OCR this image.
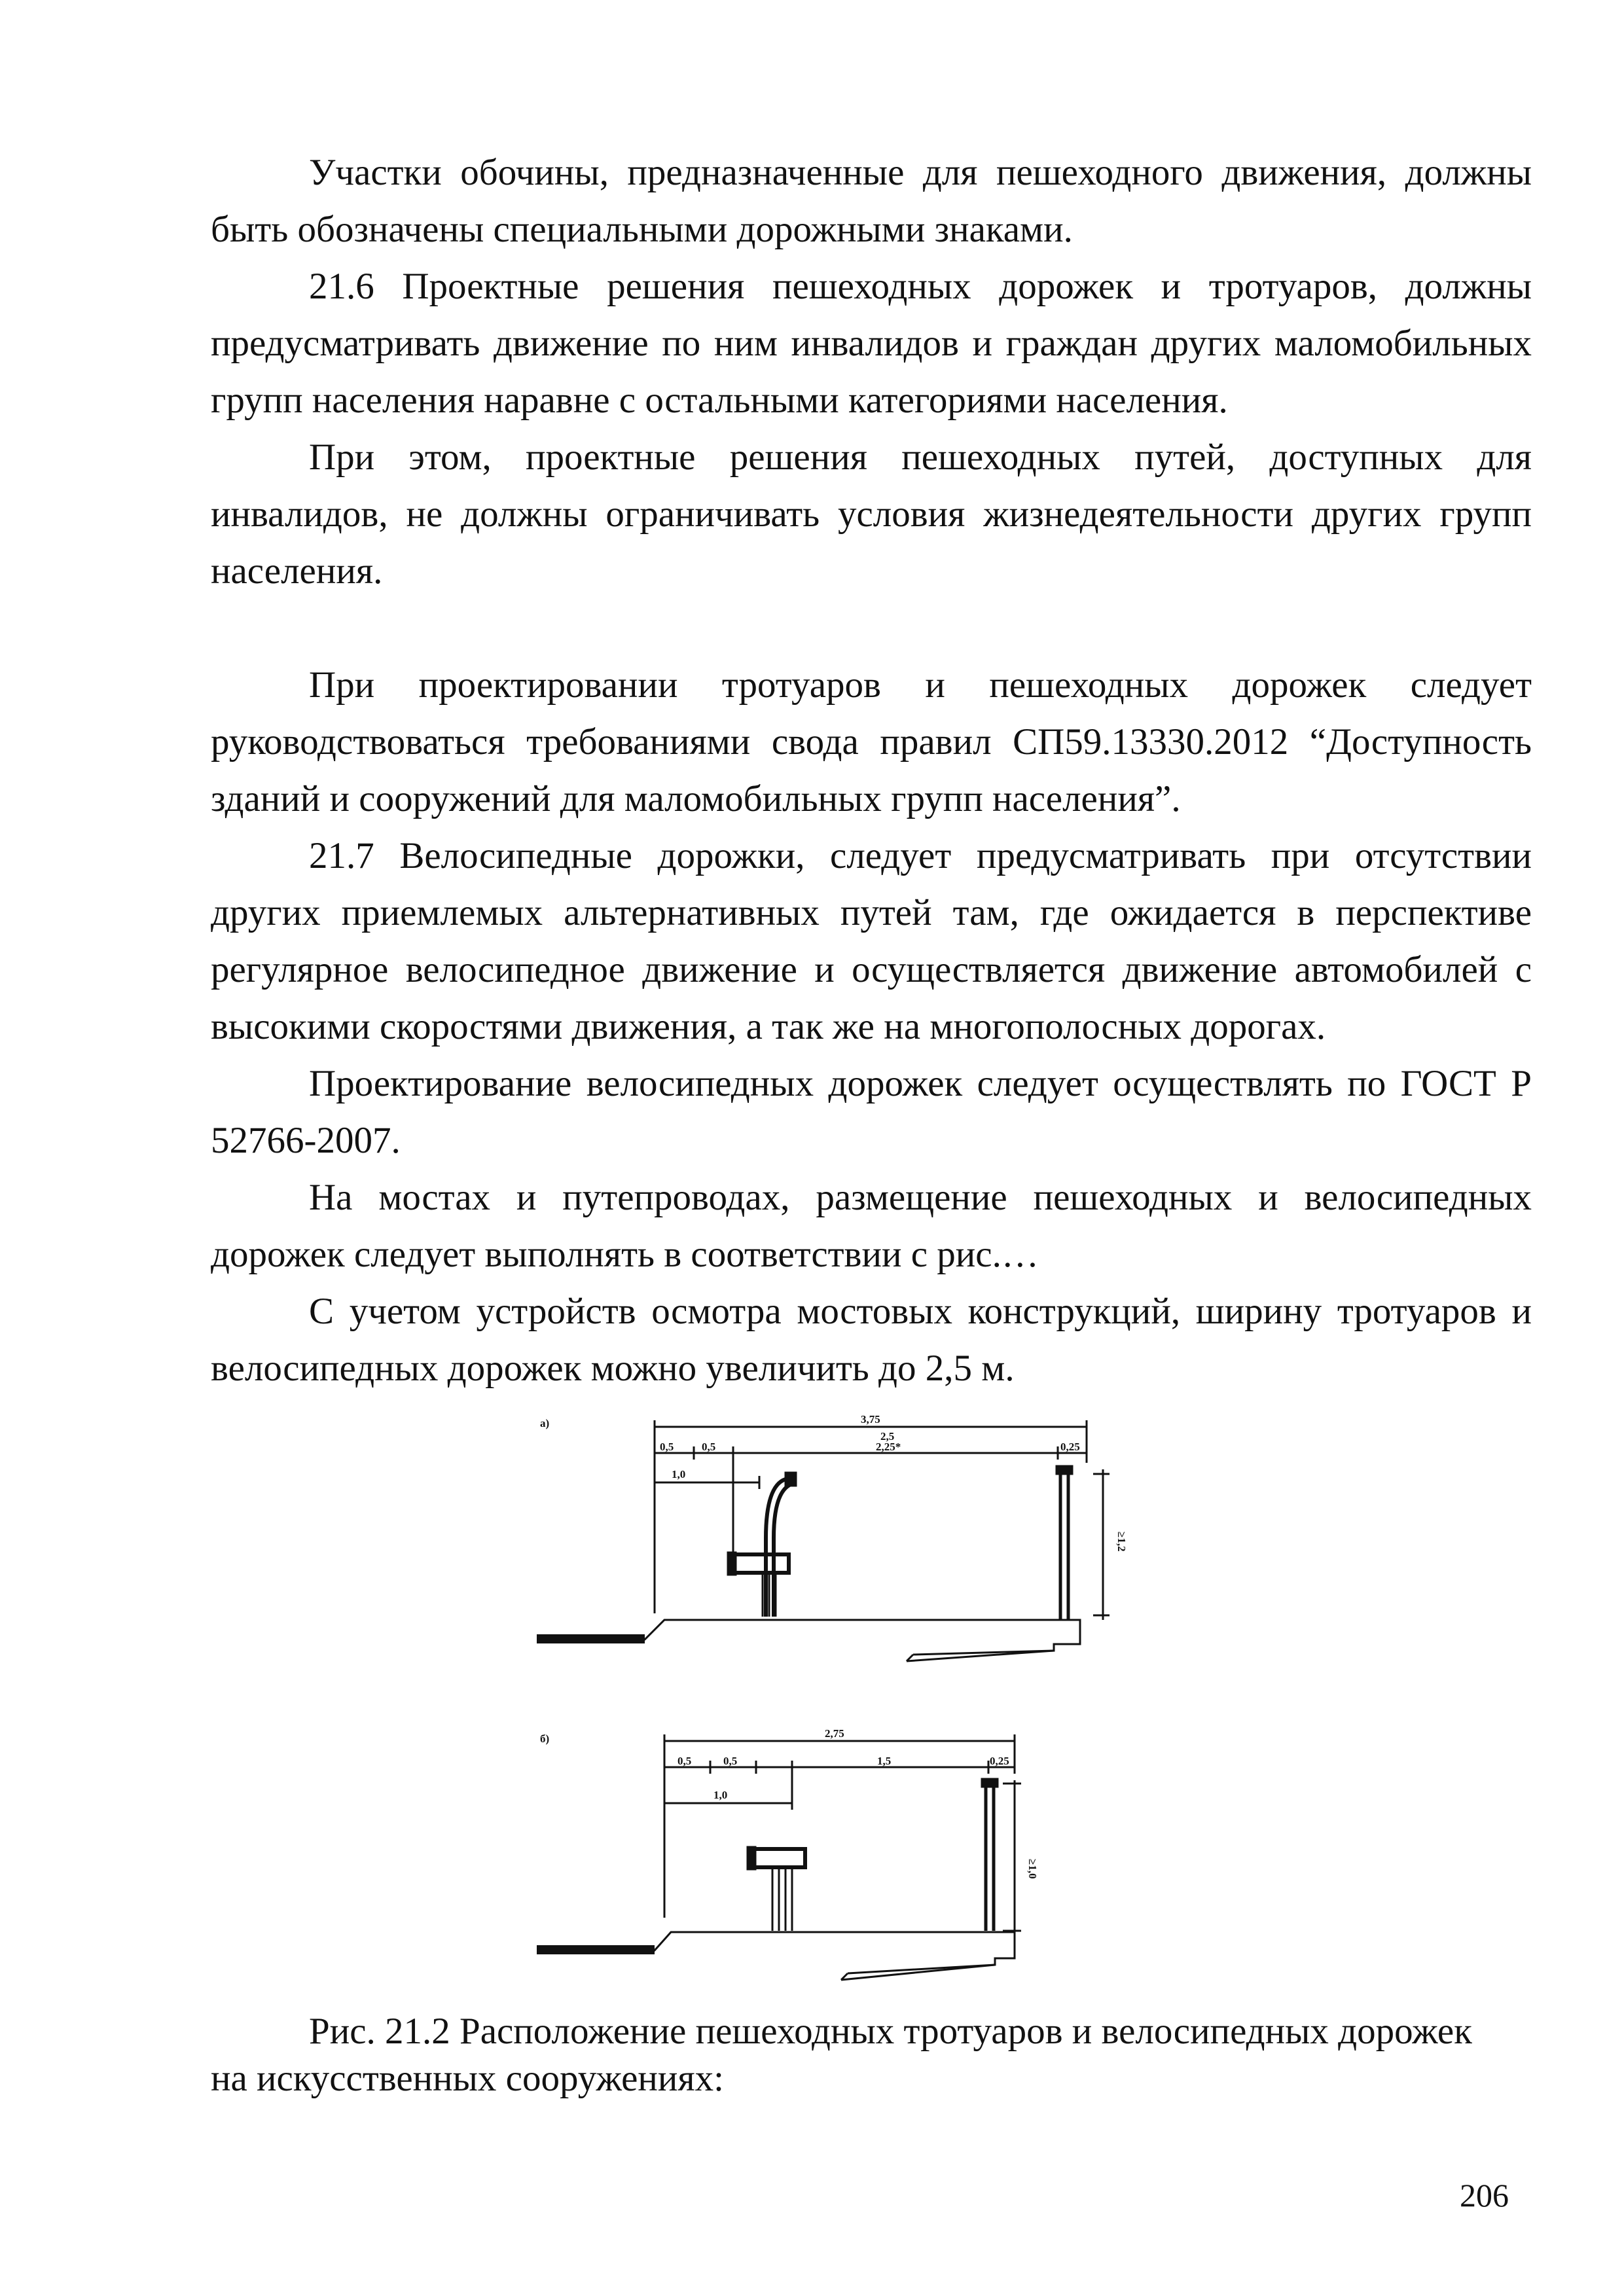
Участки обочины, предназначенные для пешеходного движения, должны быть обозначены специальными дорожными знаками.

21.6 Проектные решения пешеходных дорожек и тротуаров, должны предусматривать движение по ним инвалидов и граждан других маломобильных групп населения наравне с остальными категориями населения.

При этом, проектные решения пешеходных путей, доступных для инвалидов, не должны ограничивать условия жизнедеятельности других групп населения.

При проектировании тротуаров и пешеходных дорожек следует руководствоваться требованиями свода правил СП59.13330.2012 “Доступность зданий и сооружений для маломобильных групп населения”.

21.7 Велосипедные дорожки, следует предусматривать при отсутствии других приемлемых альтернативных путей там, где ожидается в перспективе регулярное велосипедное движение и осуществляется движение автомобилей с высокими скоростями движения, а так же на многополосных дорогах.

Проектирование велосипедных дорожек следует осуществлять по ГОСТ Р 52766-2007.

На мостах и путепроводах, размещение пешеходных и велосипедных дорожек следует выполнять в соответствии с рис.…

С учетом устройств осмотра мостовых конструкций, ширину тротуаров и велосипедных дорожек можно увеличить до 2,5 м.

а)	3,75
0,5	0,5
2,5
2,25*	0,25
1,0
≥1,2
б)	2,75
0,5	0,5	1,5	0,25
1,0
≥1,0
Рис. 21.2 Расположение пешеходных тротуаров и велосипедных дорожек
на искусственных сооружениях:
206
